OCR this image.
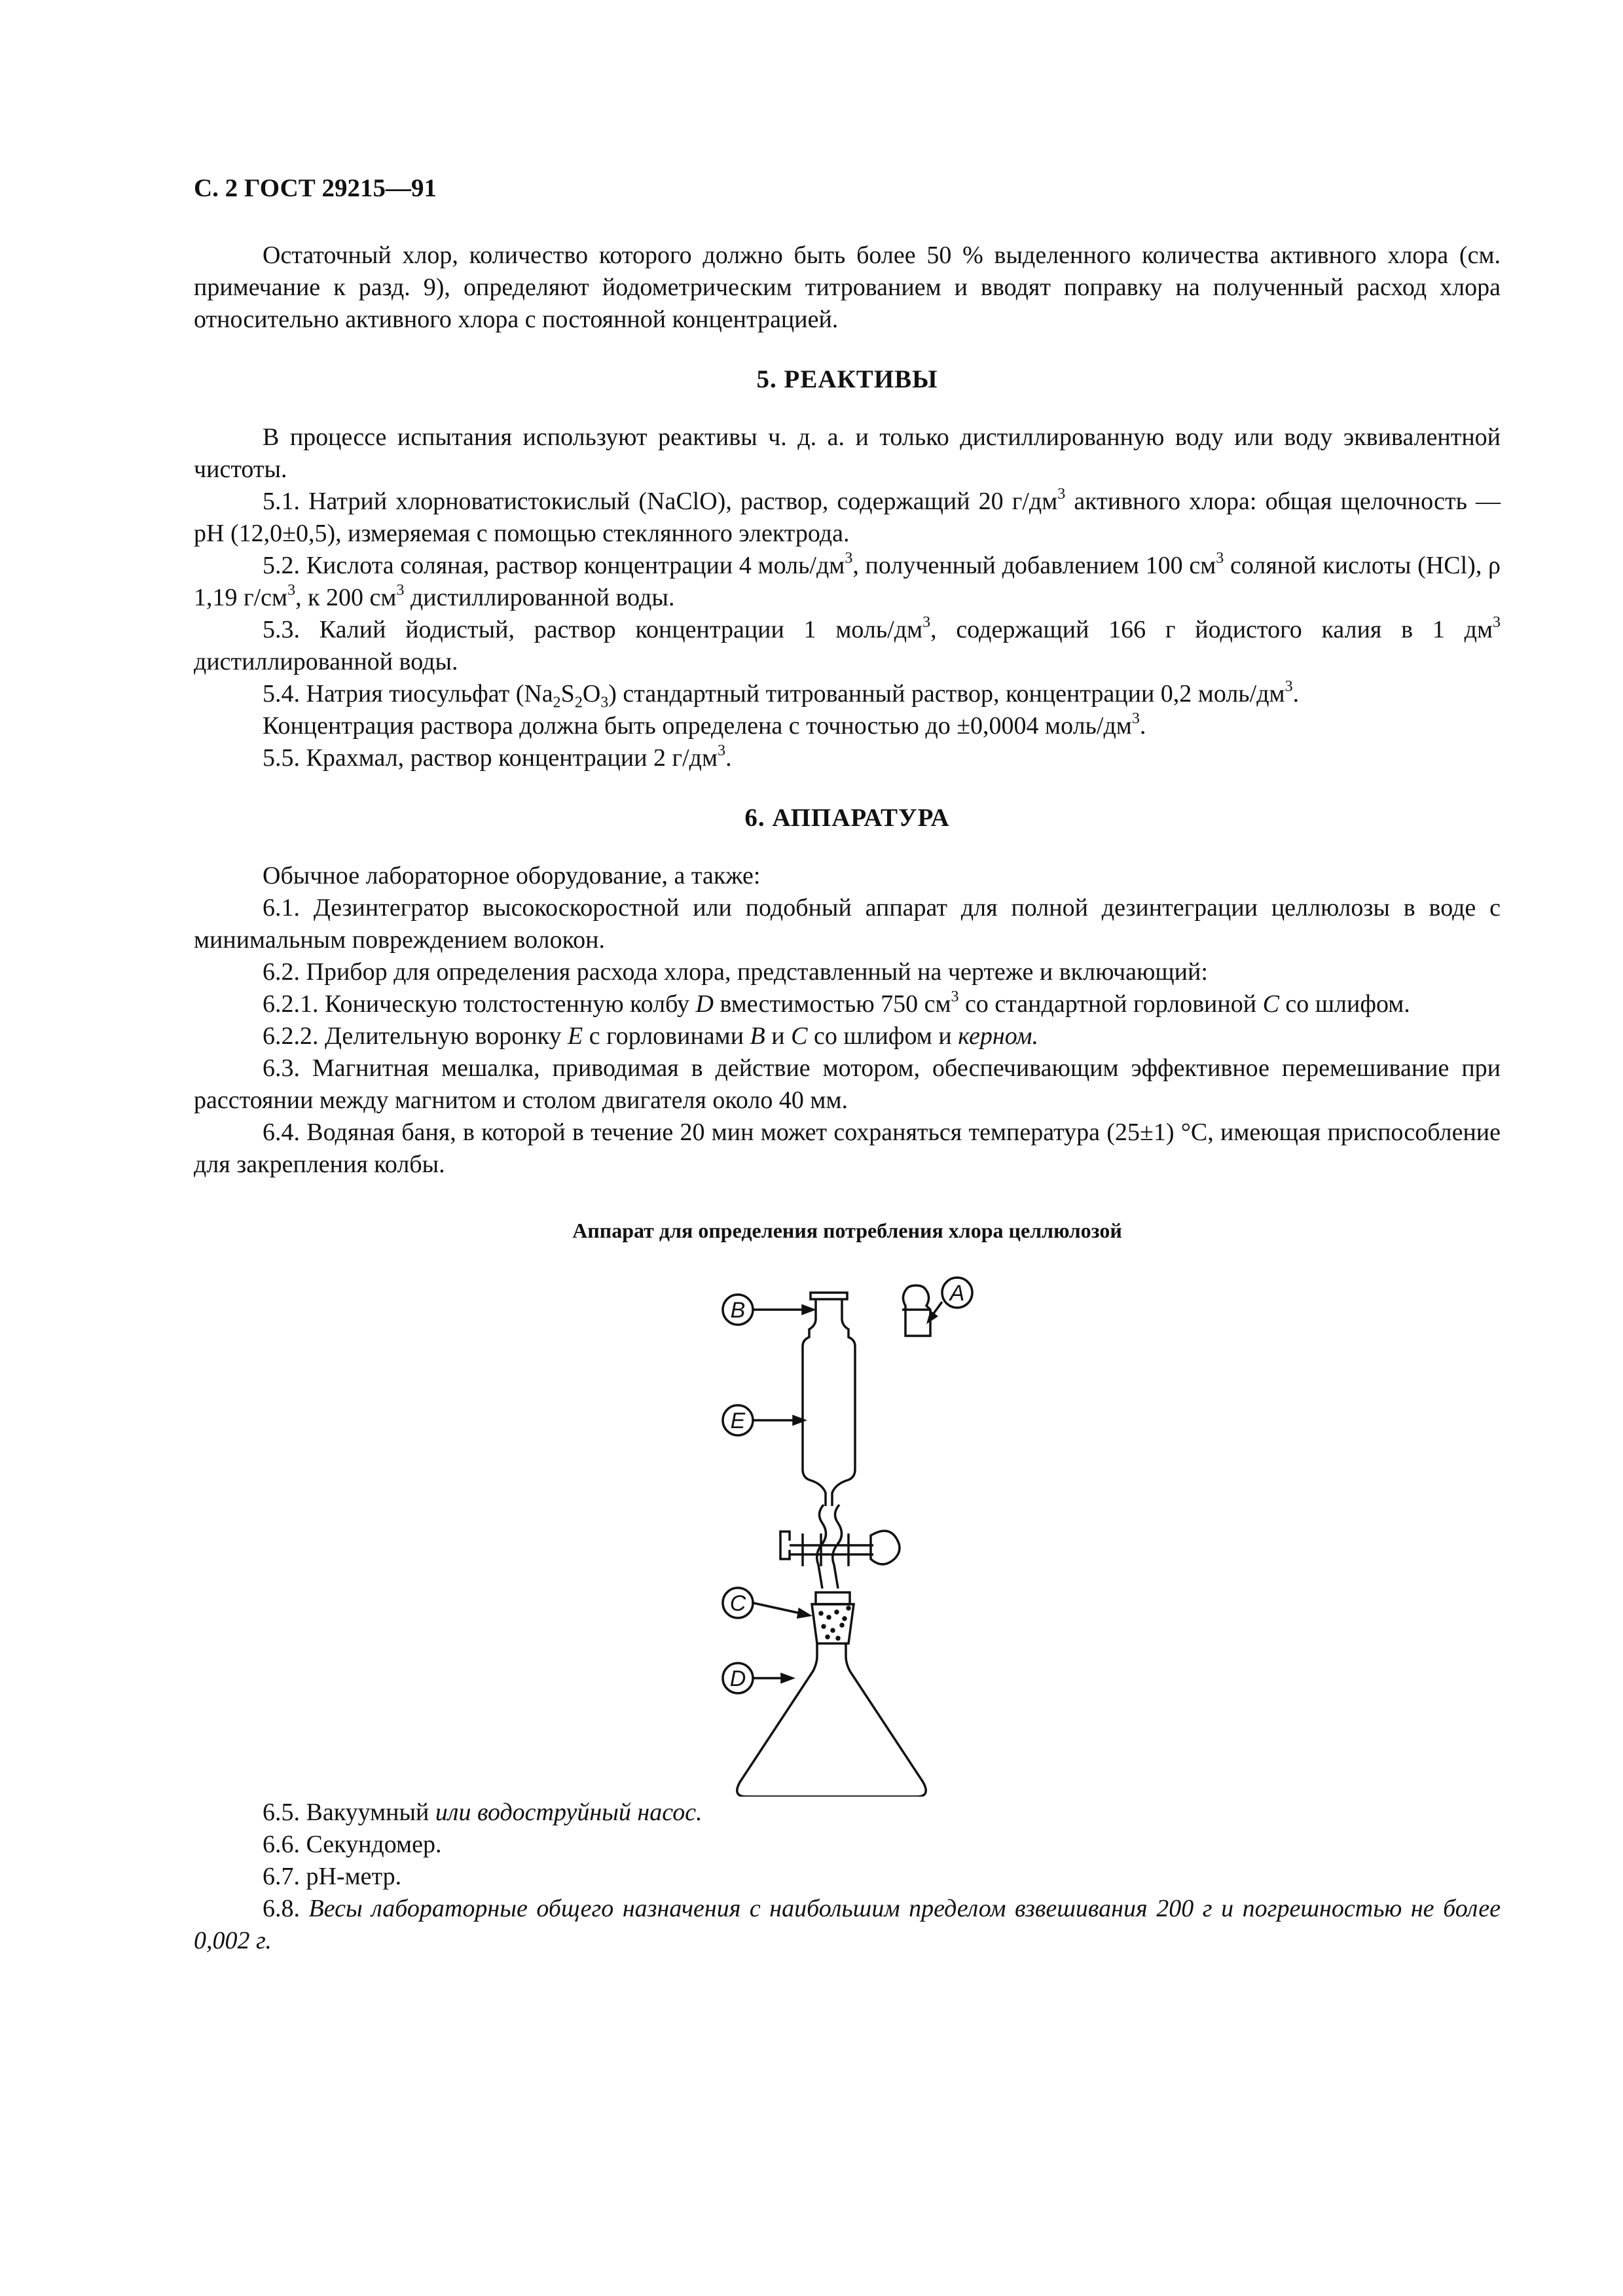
С. 2 ГОСТ 29215—91

Остаточный хлор, количество которого должно быть более 50 % выделенного количества активного хлора (см. примечание к разд. 9), определяют йодометрическим титрованием и вводят поправку на полученный расход хлора относительно активного хлора с постоянной концентрацией.

5. РЕАКТИВЫ

В процессе испытания используют реактивы ч. д. а. и только дистиллированную воду или воду эквивалентной чистоты.

5.1. Натрий хлорноватистокислый (NaClO), раствор, содержащий 20 $г/дм^3$ активного хлора: общая щелочность — pH (12,0±0,5), измеряемая с помощью стеклянного электрода.

5.2. Кислота соляная, раствор концентрации 4 моль/$дм^3$, полученный добавлением 100 $см^3$ соляной кислоты (HCl), ρ 1,19 $г/см^3$, к 200 $см^3$ дистиллированной воды.

5.3. Калий йодистый, раствор концентрации 1 моль/$дм^3$, содержащий 166 г йодистого калия в 1 $дм^3$ дистиллированной воды.

5.4. Натрия тиосульфат $(Na_2S_2O_3)$ стандартный титрованный раствор, концентрации 0,2 моль/$дм^3$.

Концентрация раствора должна быть определена с точностью до ±0,0004 моль/$дм^3$.

5.5. Крахмал, раствор концентрации 2 $г/дм^3$.

6. АППАРАТУРА

Обычное лабораторное оборудование, а также:

6.1. Дезинтегратор высокоскоростной или подобный аппарат для полной дезинтеграции целлюлозы в воде с минимальным повреждением волокон.

6.2. Прибор для определения расхода хлора, представленный на чертеже и включающий:

6.2.1. Коническую толстостенную колбу D вместимостью 750 $см^3$ со стандартной горловиной C со шлифом.

6.2.2. Делительную воронку E с горловинами B и C со шлифом и керном.

6.3. Магнитная мешалка, приводимая в действие мотором, обеспечивающим эффективное перемешивание при расстоянии между магнитом и столом двигателя около 40 мм.

6.4. Водяная баня, в которой в течение 20 мин может сохраняться температура (25±1) °С, имеющая приспособление для закрепления колбы.

Аппарат для определения потребления хлора целлюлозой
A
B
E
C
D

6.5. Вакуумный или водоструйный насос.

6.6. Секундомер.

6.7. pH-метр.

6.8. Весы лабораторные общего назначения с наибольшим пределом взвешивания 200 г и погрешностью не более 0,002 г.
